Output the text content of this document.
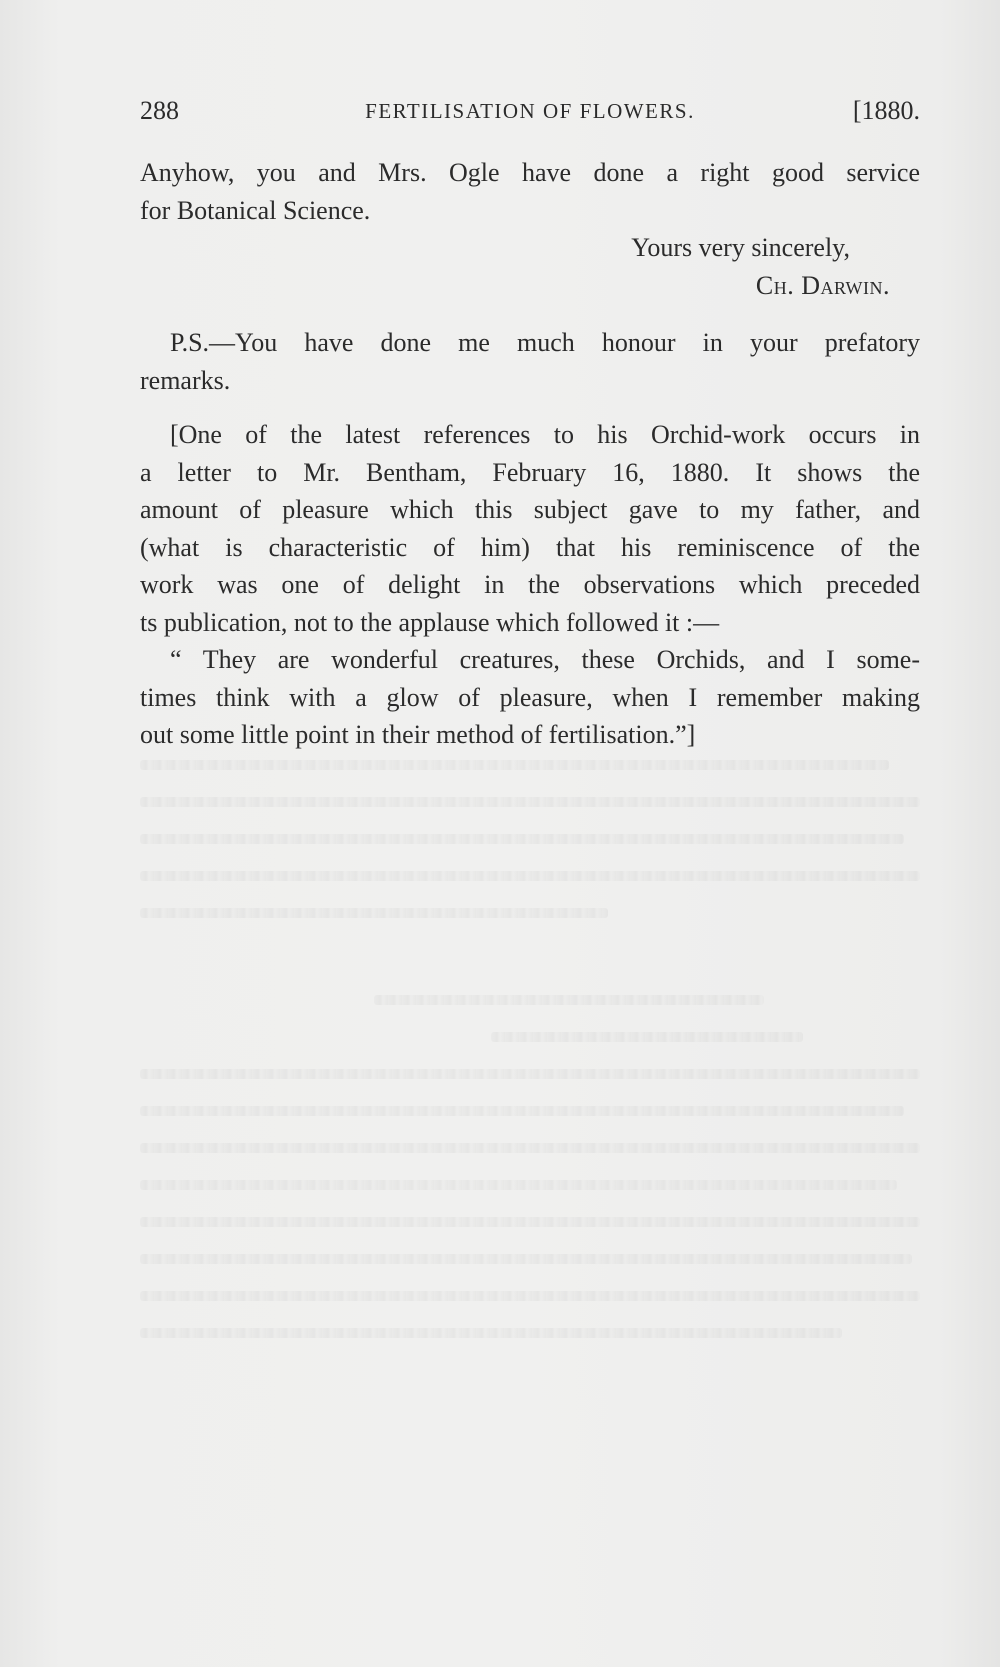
288	FERTILISATION OF FLOWERS.	[1880.
Anyhow, you and Mrs. Ogle have done a right good service
for Botanical Science.
Yours very sincerely,
Ch. Darwin.
P.S.—You have done me much honour in your prefatory
remarks.
[One of the latest references to his Orchid-work occurs in
a letter to Mr. Bentham, February 16, 1880. It shows the
amount of pleasure which this subject gave to my father, and
(what is characteristic of him) that his reminiscence of the
work was one of delight in the observations which preceded
ts publication, not to the applause which followed it :—
“ They are wonderful creatures, these Orchids, and I some-
times think with a glow of pleasure, when I remember making
out some little point in their method of fertilisation.”]
